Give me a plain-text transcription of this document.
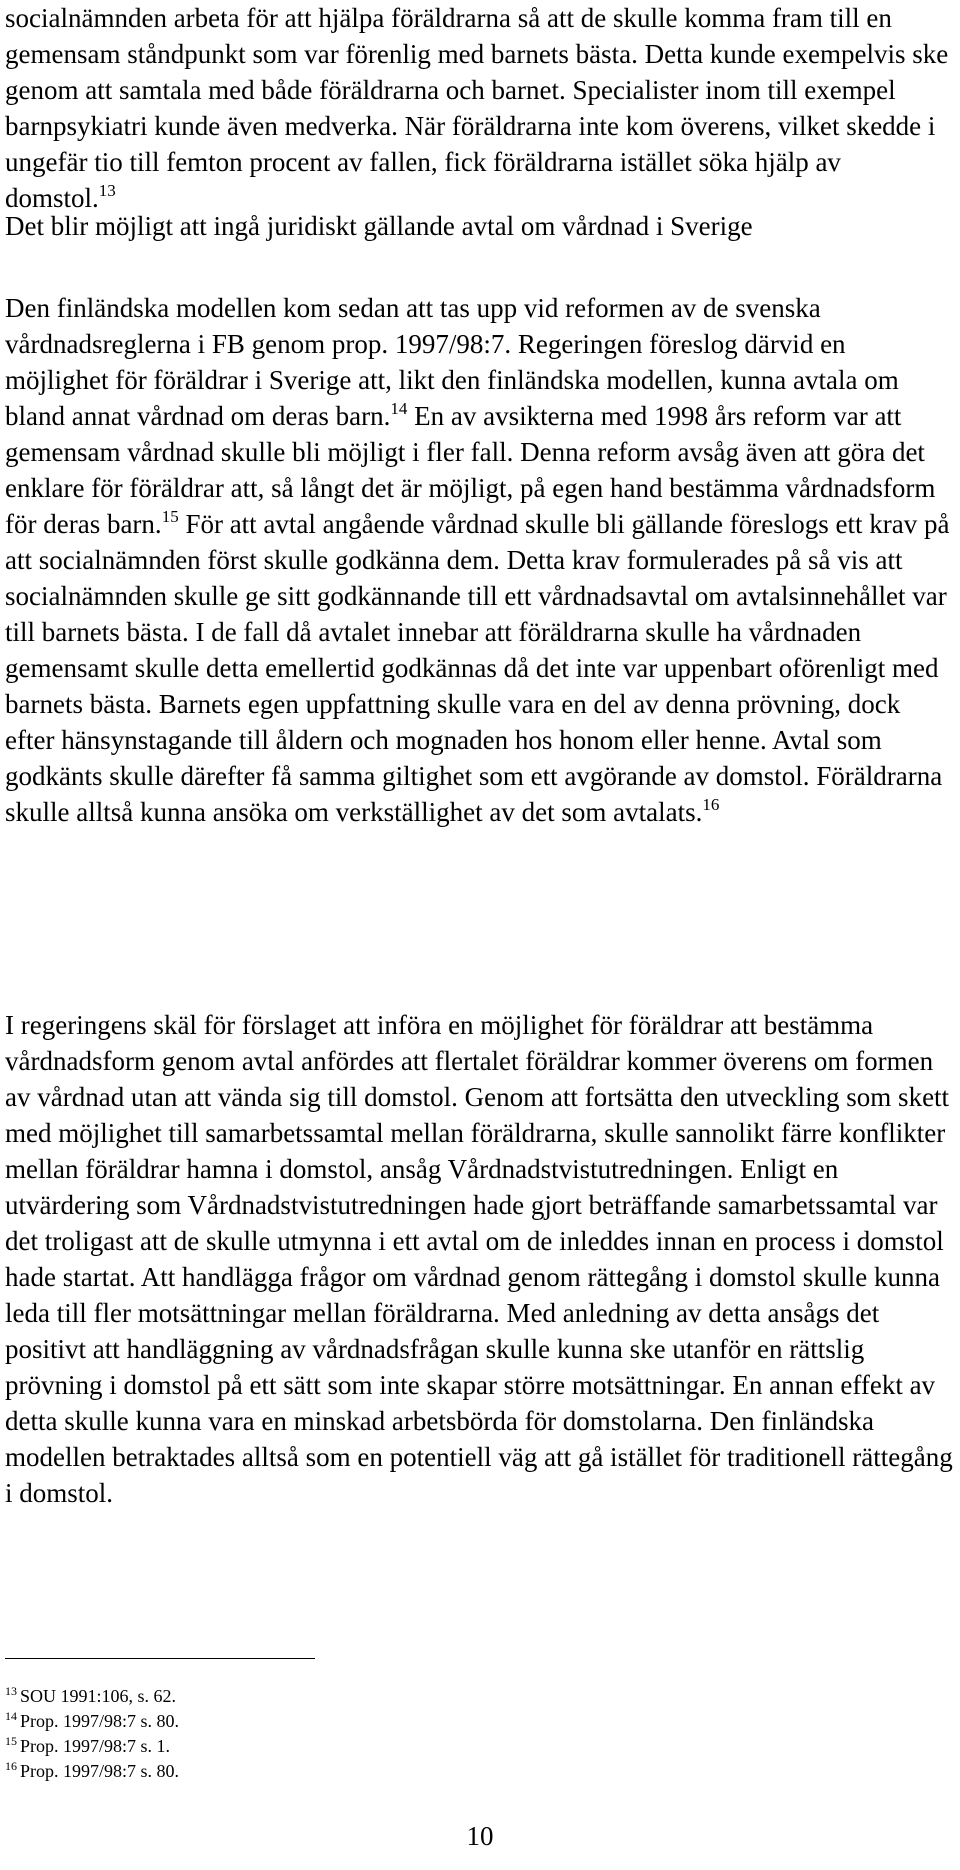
socialnämnden arbeta för att hjälpa föräldrarna så att de skulle komma fram till en gemensam ståndpunkt som var förenlig med barnets bästa. Detta kunde exempelvis ske genom att samtala med både föräldrarna och barnet. Specialister inom till exempel barnpsykiatri kunde även medverka. När föräldrarna inte kom överens, vilket skedde i ungefär tio till femton procent av fallen, fick föräldrarna istället söka hjälp av domstol.$^{13}$

Det blir möjligt att ingå juridiskt gällande avtal om vårdnad i Sverige

Den finländska modellen kom sedan att tas upp vid reformen av de svenska vårdnadsreglerna i FB genom prop. 1997/98:7. Regeringen föreslog därvid en möjlighet för föräldrar i Sverige att, likt den finländska modellen, kunna avtala om bland annat vårdnad om deras barn.$^{14}$ En av avsikterna med 1998 års reform var att gemensam vårdnad skulle bli möjligt i fler fall. Denna reform avsåg även att göra det enklare för föräldrar att, så långt det är möjligt, på egen hand bestämma vårdnadsform för deras barn.$^{15}$ För att avtal angående vårdnad skulle bli gällande föreslogs ett krav på att socialnämnden först skulle godkänna dem. Detta krav formulerades på så vis att socialnämnden skulle ge sitt godkännande till ett vårdnadsavtal om avtalsinnehållet var till barnets bästa. I de fall då avtalet innebar att föräldrarna skulle ha vårdnaden gemensamt skulle detta emellertid godkännas då det inte var uppenbart oförenligt med barnets bästa. Barnets egen uppfattning skulle vara en del av denna prövning, dock efter hänsynstagande till åldern och mognaden hos honom eller henne. Avtal som godkänts skulle därefter få samma giltighet som ett avgörande av domstol. Föräldrarna skulle alltså kunna ansöka om verkställighet av det som avtalats.$^{16}$

I regeringens skäl för förslaget att införa en möjlighet för föräldrar att bestämma vårdnadsform genom avtal anfördes att flertalet föräldrar kommer överens om formen av vårdnad utan att vända sig till domstol. Genom att fortsätta den utveckling som skett med möjlighet till samarbetssamtal mellan föräldrarna, skulle sannolikt färre konflikter mellan föräldrar hamna i domstol, ansåg Vårdnadstvistutredningen. Enligt en utvärdering som Vårdnadstvistutredningen hade gjort beträffande samarbetssamtal var det troligast att de skulle utmynna i ett avtal om de inleddes innan en process i domstol hade startat. Att handlägga frågor om vårdnad genom rättegång i domstol skulle kunna leda till fler motsättningar mellan föräldrarna. Med anledning av detta ansågs det positivt att handläggning av vårdnadsfrågan skulle kunna ske utanför en rättslig prövning i domstol på ett sätt som inte skapar större motsättningar. En annan effekt av detta skulle kunna vara en minskad arbetsbörda för domstolarna. Den finländska modellen betraktades alltså som en potentiell väg att gå istället för traditionell rättegång i domstol.

$^{13}$ SOU 1991:106, s. 62.
$^{14}$ Prop. 1997/98:7 s. 80.
$^{15}$ Prop. 1997/98:7 s. 1.
$^{16}$ Prop. 1997/98:7 s. 80.
10
